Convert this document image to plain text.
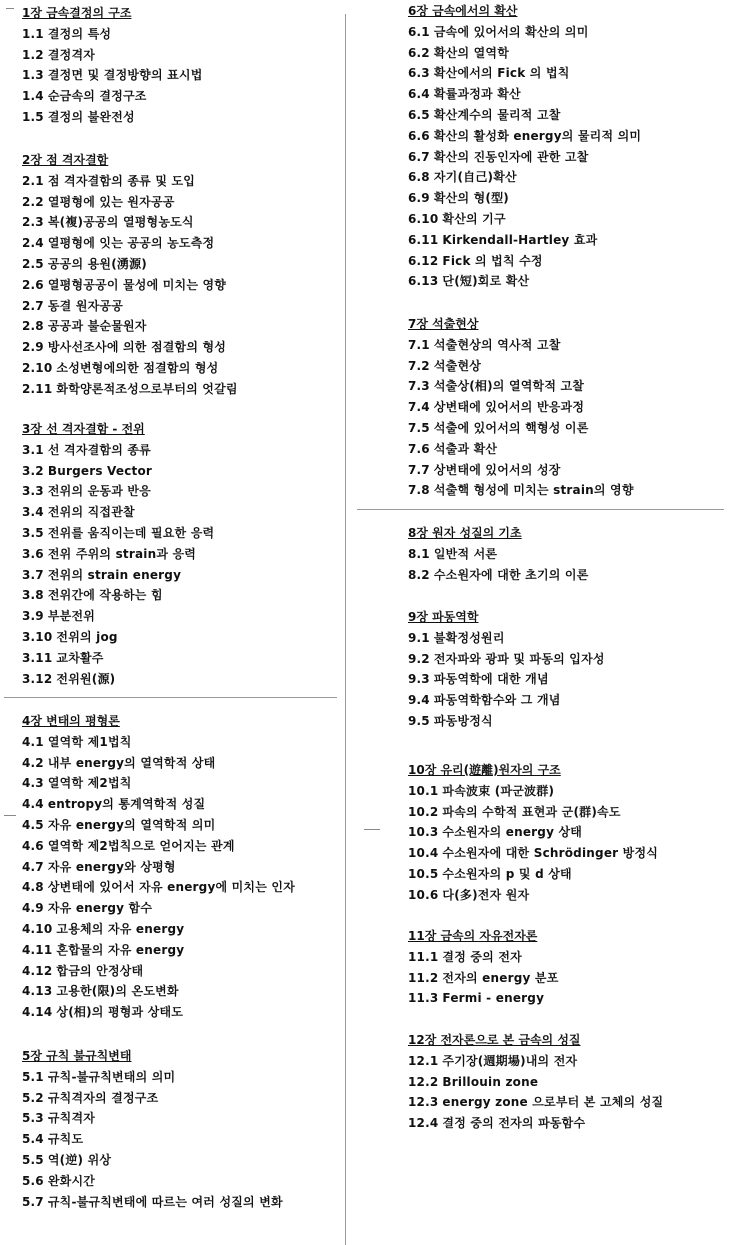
1장 금속결정의 구조
1.1 결정의 특성
1.2 결정격자
1.3 결정면 및 결정방향의 표시법
1.4 순금속의 결정구조
1.5 결정의 불완전성
2장 점 격자결함
2.1 점 격자결함의 종류 및 도입
2.2 열평형에 있는 원자공공
2.3 복(複)공공의 열평형농도식
2.4 열평형에 잇는 공공의 농도측정
2.5 공공의 용원(湧源)
2.6 열평형공공이 물성에 미치는 영향
2.7 동결 원자공공
2.8 공공과 불순물원자
2.9 방사선조사에 의한 점결함의 형성
2.10 소성변형에의한 점결함의 형성
2.11 화학양론적조성으로부터의 엇갈림
3장 선 격자결함 - 전위
3.1 선 격자결함의 종류
3.2 Burgers Vector
3.3 전위의 운동과 반응
3.4 전위의 직접관찰
3.5 전위를 움직이는데 필요한 응력
3.6 전위 주위의 strain과 응력
3.7 전위의 strain energy
3.8 전위간에 작용하는 힘
3.9 부분전위
3.10 전위의 jog
3.11 교차활주
3.12 전위원(源)
4장 변태의 평형론
4.1 열역학 제1법칙
4.2 내부 energy의 열역학적 상태
4.3 열역학 제2법칙
4.4 entropy의 통계역학적 성질
4.5 자유 energy의 열역학적 의미
4.6 열역학 제2법칙으로 얻어지는 관계
4.7 자유 energy와 상평형
4.8 상변태에 있어서 자유 energy에 미치는 인자
4.9 자유 energy 함수
4.10 고용체의 자유 energy
4.11 혼합물의 자유 energy
4.12 합금의 안정상태
4.13 고용한(限)의 온도변화
4.14 상(相)의 평형과 상태도
5장 규칙 불규칙변태
5.1 규칙-불규칙변태의 의미
5.2 규칙격자의 결정구조
5.3 규칙격자
5.4 규칙도
5.5 역(逆) 위상
5.6 완화시간
5.7 규칙-불규칙변태에 따르는 여러 성질의 변화
6장 금속에서의 확산
6.1 금속에 있어서의 확산의 의미
6.2 확산의 열역학
6.3 확산에서의 Fick 의 법칙
6.4 확률과정과 확산
6.5 확산계수의 물리적 고찰
6.6 확산의 활성화 energy의 물리적 의미
6.7 확산의 진동인자에 관한 고찰
6.8 자기(自己)확산
6.9 확산의 형(型)
6.10 확산의 기구
6.11 Kirkendall-Hartley 효과
6.12 Fick 의 법칙 수정
6.13 단(短)회로 확산
7장 석출현상
7.1 석출현상의 역사적 고찰
7.2 석출현상
7.3 석출상(相)의 열역학적 고찰
7.4 상변태에 있어서의 반응과정
7.5 석출에 있어서의 핵형성 이론
7.6 석출과 확산
7.7 상변태에 있어서의 성장
7.8 석출핵 형성에 미치는 strain의 영향
8장 원자 성질의 기초
8.1 일반적 서론
8.2 수소원자에 대한 초기의 이론
9장 파동역학
9.1 불확정성원리
9.2 전자파와 광파 및 파동의 입자성
9.3 파동역학에 대한 개념
9.4 파동역학함수와 그 개념
9.5 파동방정식
10장 유리(遊離)원자의 구조
10.1 파속波束 (파군波群)
10.2 파속의 수학적 표현과 군(群)속도
10.3 수소원자의 energy 상태
10.4 수소원자에 대한 Schrödinger 방정식
10.5 수소원자의 p 및 d 상태
10.6 다(多)전자 원자
11장 금속의 자유전자론
11.1 결정 중의 전자
11.2 전자의 energy 분포
11.3 Fermi - energy
12장 전자론으로 본 금속의 성질
12.1 주기장(週期場)내의 전자
12.2 Brillouin zone
12.3 energy zone 으로부터 본 고체의 성질
12.4 결정 중의 전자의 파동함수
